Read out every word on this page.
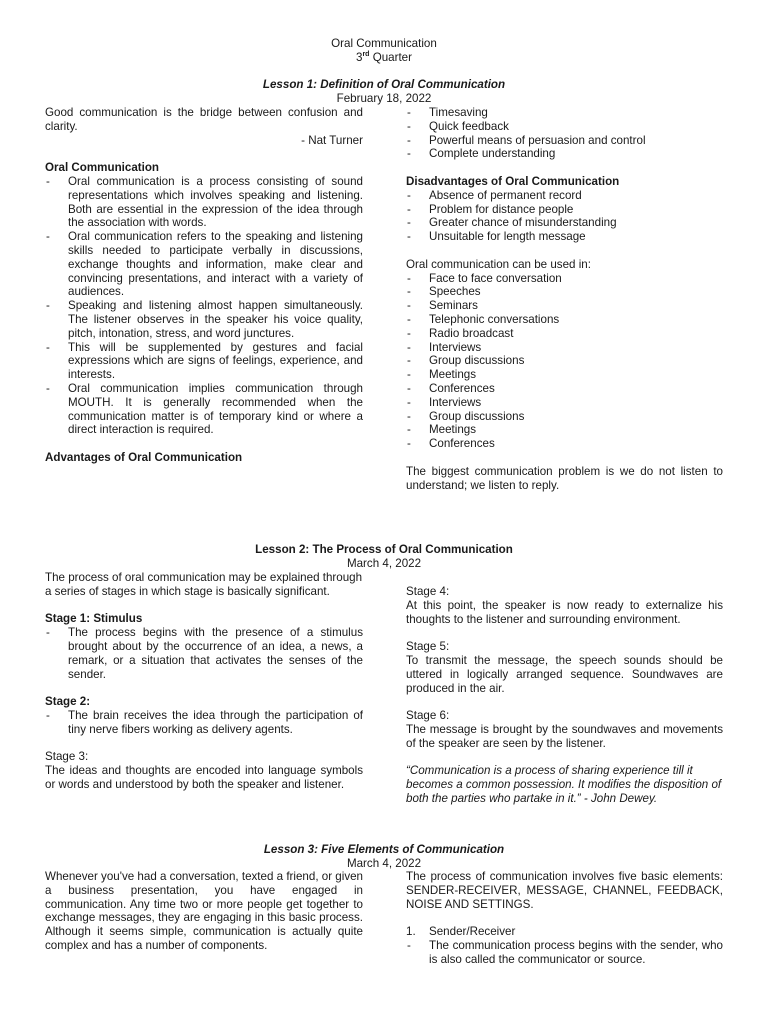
Oral Communication
3rd Quarter
Lesson 1: Definition of Oral Communication
February 18, 2022
Good communication is the bridge between confusion and clarity.
- Nat Turner
Oral Communication
- Oral communication is a process consisting of sound representations which involves speaking and listening. Both are essential in the expression of the idea through the association with words.
- Oral communication refers to the speaking and listening skills needed to participate verbally in discussions, exchange thoughts and information, make clear and convincing presentations, and interact with a variety of audiences.
- Speaking and listening almost happen simultaneously. The listener observes in the speaker his voice quality, pitch, intonation, stress, and word junctures.
- This will be supplemented by gestures and facial expressions which are signs of feelings, experience, and interests.
- Oral communication implies communication through MOUTH. It is generally recommended when the communication matter is of temporary kind or where a direct interaction is required.
Advantages of Oral Communication
- Timesaving
- Quick feedback
- Powerful means of persuasion and control
- Complete understanding
Disadvantages of Oral Communication
- Absence of permanent record
- Problem for distance people
- Greater chance of misunderstanding
- Unsuitable for length message
Oral communication can be used in:
- Face to face conversation
- Speeches
- Seminars
- Telephonic conversations
- Radio broadcast
- Interviews
- Group discussions
- Meetings
- Conferences
- Interviews
- Group discussions
- Meetings
- Conferences
The biggest communication problem is we do not listen to understand; we listen to reply.
Lesson 2: The Process of Oral Communication
March 4, 2022
The process of oral communication may be explained through a series of stages in which stage is basically significant.
Stage 1: Stimulus
- The process begins with the presence of a stimulus brought about by the occurrence of an idea, a news, a remark, or a situation that activates the senses of the sender.
Stage 2:
- The brain receives the idea through the participation of tiny nerve fibers working as delivery agents.
Stage 3:
The ideas and thoughts are encoded into language symbols or words and understood by both the speaker and listener.
Stage 4:
At this point, the speaker is now ready to externalize his thoughts to the listener and surrounding environment.
Stage 5:
To transmit the message, the speech sounds should be uttered in logically arranged sequence. Soundwaves are produced in the air.
Stage 6:
The message is brought by the soundwaves and movements of the speaker are seen by the listener.
“Communication is a process of sharing experience till it becomes a common possession. It modifies the disposition of both the parties who partake in it.” - John Dewey.
Lesson 3: Five Elements of Communication
March 4, 2022
Whenever you've had a conversation, texted a friend, or given a business presentation, you have engaged in communication. Any time two or more people get together to exchange messages, they are engaging in this basic process. Although it seems simple, communication is actually quite complex and has a number of components.
The process of communication involves five basic elements: SENDER-RECEIVER, MESSAGE, CHANNEL, FEEDBACK, NOISE AND SETTINGS.
1. Sender/Receiver
- The communication process begins with the sender, who is also called the communicator or source.
